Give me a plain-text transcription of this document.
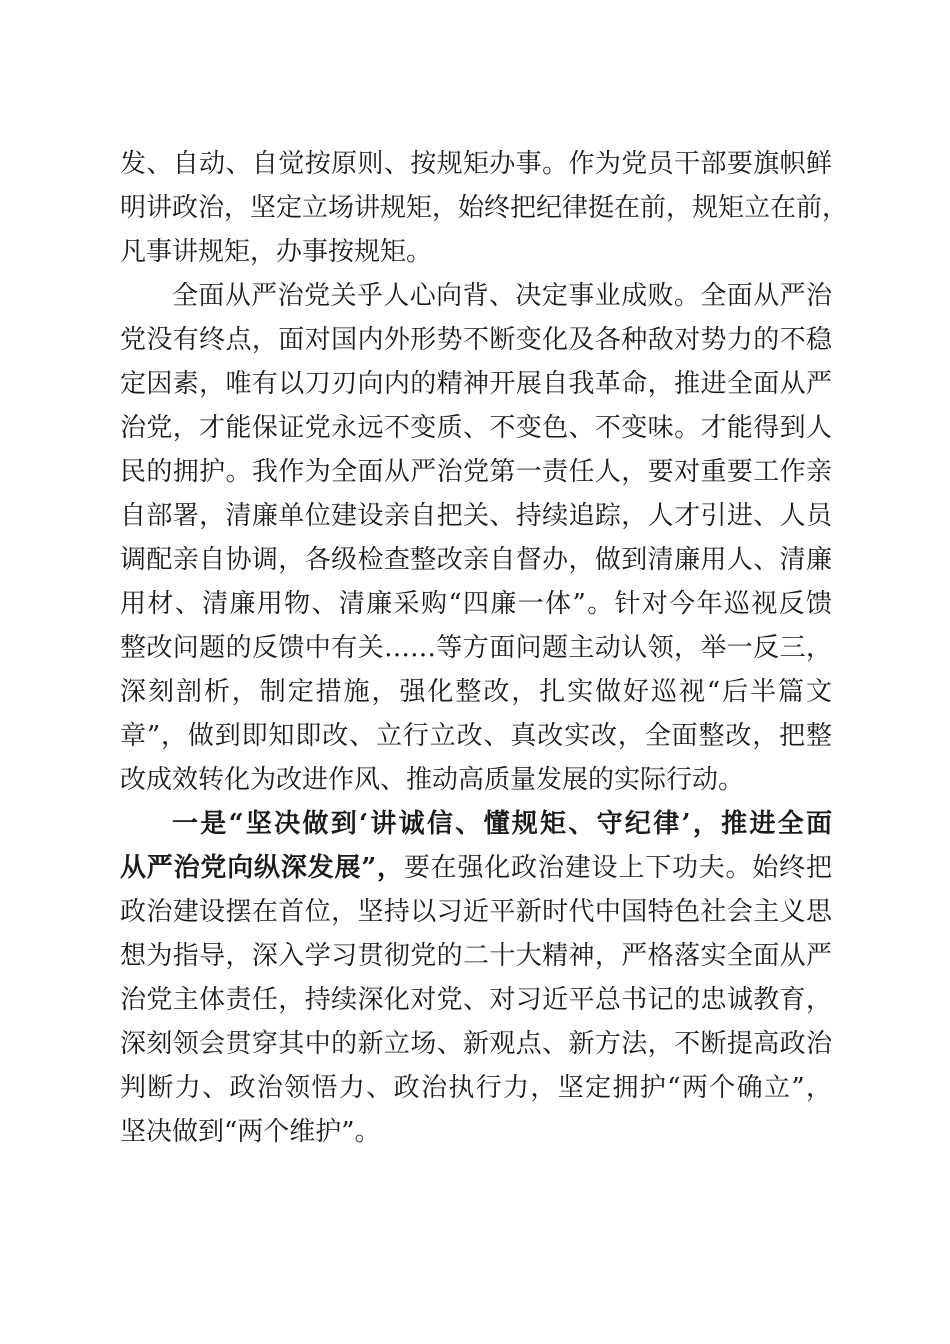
发、自动、自觉按原则、按规矩办事。作为党员干部要旗帜鲜
明讲政治，坚定立场讲规矩，始终把纪律挺在前，规矩立在前，
凡事讲规矩，办事按规矩。
全面从严治党关乎人心向背、决定事业成败。全面从严治
党没有终点，面对国内外形势不断变化及各种敌对势力的不稳
定因素，唯有以刀刃向内的精神开展自我革命，推进全面从严
治党，才能保证党永远不变质、不变色、不变味。才能得到人
民的拥护。我作为全面从严治党第一责任人，要对重要工作亲
自部署，清廉单位建设亲自把关、持续追踪，人才引进、人员
调配亲自协调，各级检查整改亲自督办，做到清廉用人、清廉
用材、清廉用物、清廉采购“四廉一体”。针对今年巡视反馈
整改问题的反馈中有关……等方面问题主动认领，举一反三，
深刻剖析，制定措施，强化整改，扎实做好巡视“后半篇文
章”，做到即知即改、立行立改、真改实改，全面整改，把整
改成效转化为改进作风、推动高质量发展的实际行动。
一是“坚决做到‘讲诚信、懂规矩、守纪律’，推进全面
从严治党向纵深发展”，要在强化政治建设上下功夫。始终把
政治建设摆在首位，坚持以习近平新时代中国特色社会主义思
想为指导，深入学习贯彻党的二十大精神，严格落实全面从严
治党主体责任，持续深化对党、对习近平总书记的忠诚教育，
深刻领会贯穿其中的新立场、新观点、新方法，不断提高政治
判断力、政治领悟力、政治执行力，坚定拥护“两个确立”，
坚决做到“两个维护”。
